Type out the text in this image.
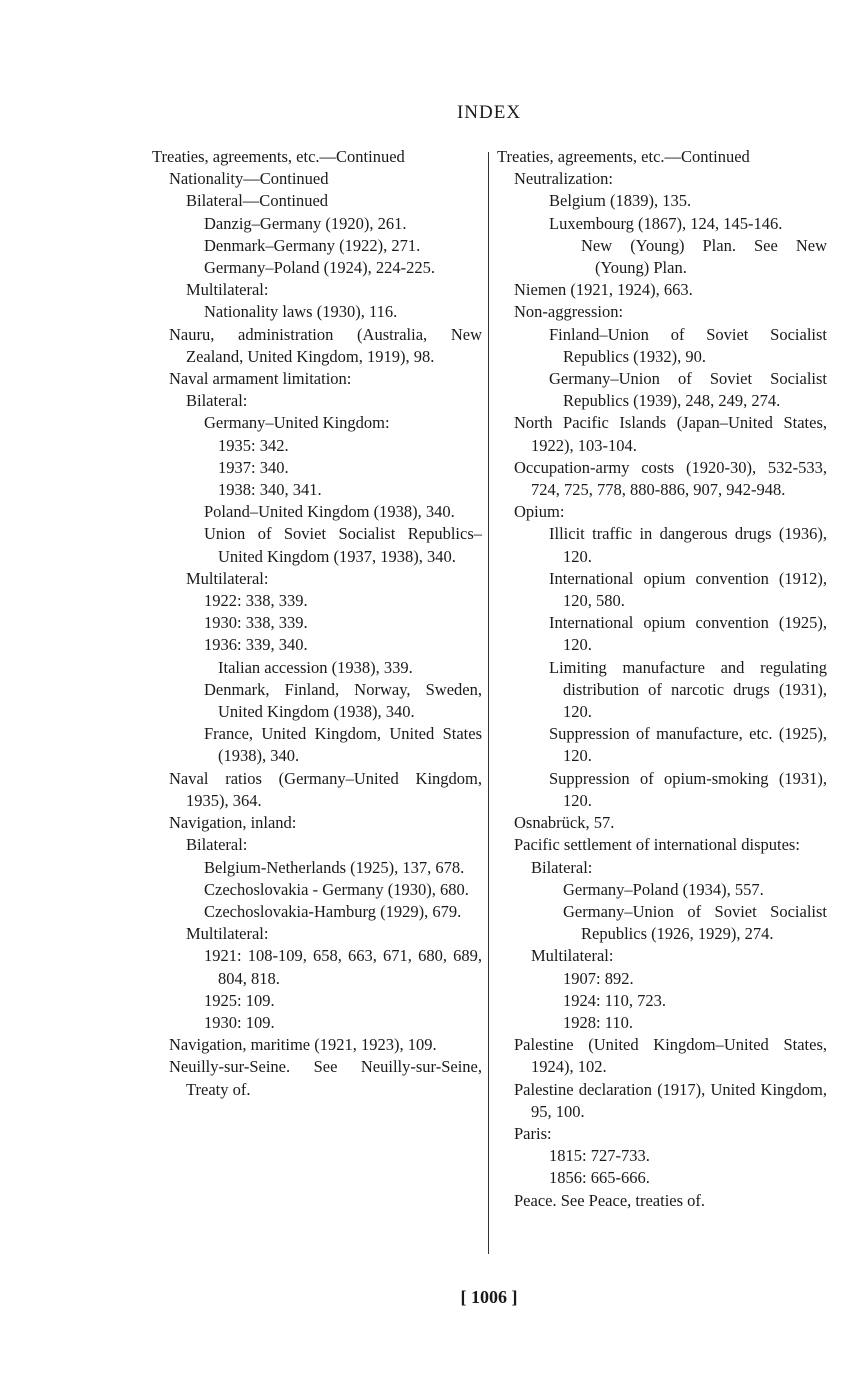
INDEX
Treaties, agreements, etc.—Continued
Nationality—Continued
Bilateral—Continued
Danzig–Germany (1920), 261.
Denmark–Germany (1922), 271.
Germany–Poland (1924), 224-225.
Multilateral:
Nationality laws (1930), 116.
Nauru, administration (Australia, New Zealand, United Kingdom, 1919), 98.
Naval armament limitation:
Bilateral:
Germany–United Kingdom:
1935: 342.
1937: 340.
1938: 340, 341.
Poland–United Kingdom (1938), 340.
Union of Soviet Socialist Republics–United Kingdom (1937, 1938), 340.
Multilateral:
1922: 338, 339.
1930: 338, 339.
1936: 339, 340.
Italian accession (1938), 339.
Denmark, Finland, Norway, Sweden, United Kingdom (1938), 340.
France, United Kingdom, United States (1938), 340.
Naval ratios (Germany–United Kingdom, 1935), 364.
Navigation, inland:
Bilateral:
Belgium-Netherlands (1925), 137, 678.
Czechoslovakia - Germany (1930), 680.
Czechoslovakia-Hamburg (1929), 679.
Multilateral:
1921: 108-109, 658, 663, 671, 680, 689, 804, 818.
1925: 109.
1930: 109.
Navigation, maritime (1921, 1923), 109.
Neuilly-sur-Seine. See Neuilly-sur-Seine, Treaty of.
Treaties, agreements, etc.—Continued
Neutralization:
Belgium (1839), 135.
Luxembourg (1867), 124, 145-146.
New (Young) Plan. See New (Young) Plan.
Niemen (1921, 1924), 663.
Non-aggression:
Finland–Union of Soviet Socialist Republics (1932), 90.
Germany–Union of Soviet Socialist Republics (1939), 248, 249, 274.
North Pacific Islands (Japan–United States, 1922), 103-104.
Occupation-army costs (1920-30), 532-533, 724, 725, 778, 880-886, 907, 942-948.
Opium:
Illicit traffic in dangerous drugs (1936), 120.
International opium convention (1912), 120, 580.
International opium convention (1925), 120.
Limiting manufacture and regulating distribution of narcotic drugs (1931), 120.
Suppression of manufacture, etc. (1925), 120.
Suppression of opium-smoking (1931), 120.
Osnabrück, 57.
Pacific settlement of international disputes:
Bilateral:
Germany–Poland (1934), 557.
Germany–Union of Soviet Socialist Republics (1926, 1929), 274.
Multilateral:
1907: 892.
1924: 110, 723.
1928: 110.
Palestine (United Kingdom–United States, 1924), 102.
Palestine declaration (1917), United Kingdom, 95, 100.
Paris:
1815: 727-733.
1856: 665-666.
Peace. See Peace, treaties of.
[ 1006 ]
